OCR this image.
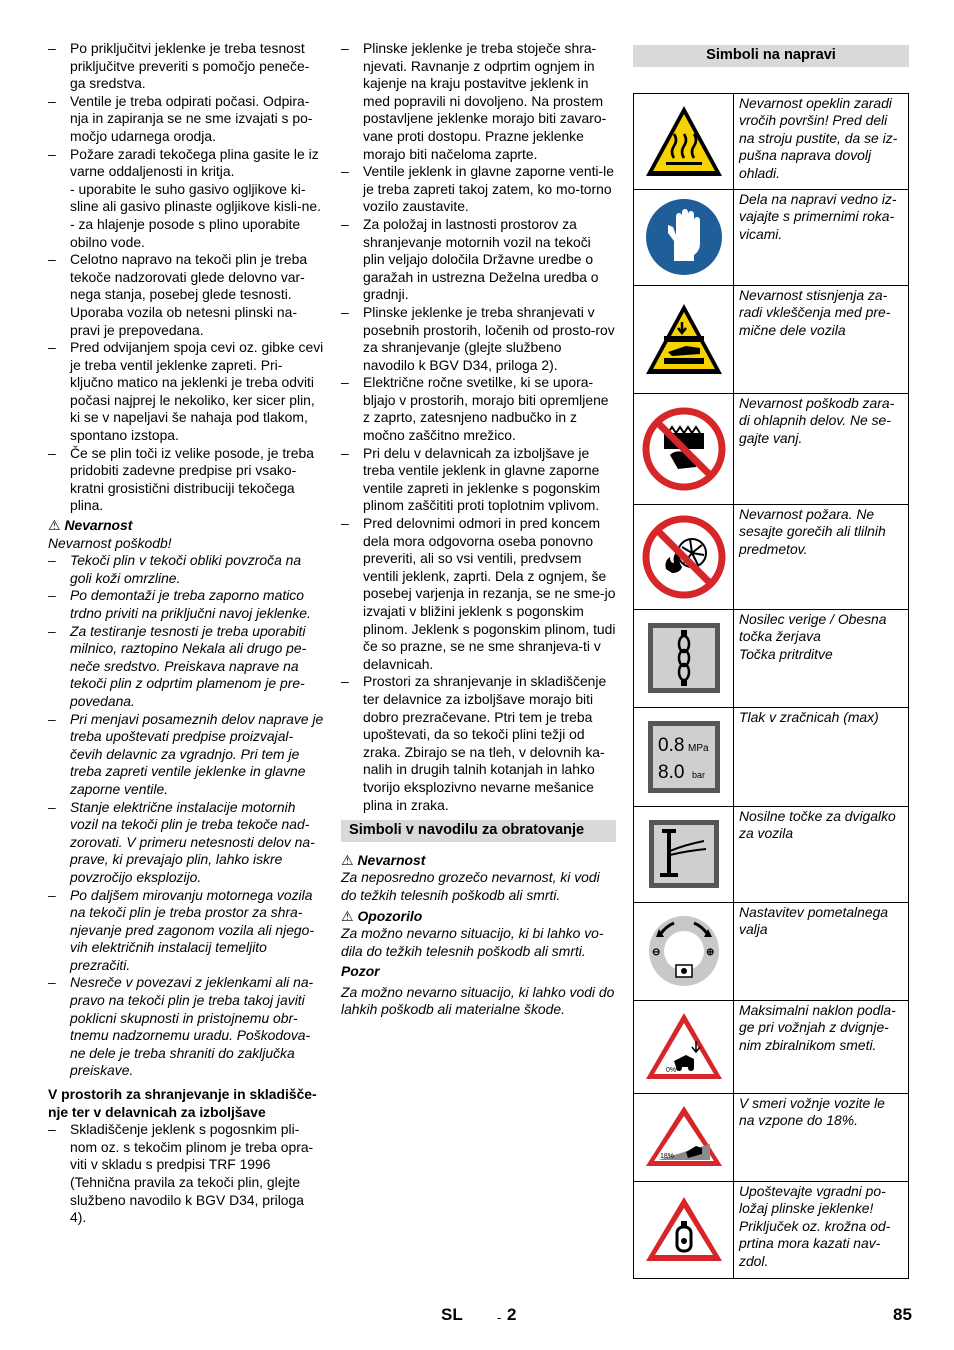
– Po priključitvi jeklenke je treba tesnost priključitve preveriti s pomočjo peneče-ga sredstva.
– Ventile je treba odpirati počasi. Odpira-nja in zapiranja se ne sme izvajati s po-močjo udarnega orodja.
– Požare zaradi tekočega plina gasite le iz varne oddaljenosti in kritja.
- uporabite le suho gasivo ogljikove ki-sline ali gasivo plinaste ogljikove kisli-ne.
- za hlajenje posode s plino uporabite obilno vode.
– Celotno napravo na tekoči plin je treba tekoče nadzorovati glede delovno var-nega stanja, posebej glede tesnosti. Uporaba vozila ob netesni plinski na-pravi je prepovedana.
– Pred odvijanjem spoja cevi oz. gibke cevi je treba ventil jeklenke zapreti. Pri-ključno matico na jeklenki je treba odviti počasi najprej le nekoliko, ker sicer plin, ki se v napeljavi še nahaja pod tlakom, spontano izstopa.
– Če se plin toči iz velike posode, je treba pridobiti zadevne predpise pri vsako-kratni grosistični distribuciji tekočega plina.
⚠ Nevarnost

Nevarnost poškodb!

– Tekoči plin v tekoči obliki povzroča na goli koži omrzline.
– Po demontaži je treba zaporno matico trdno priviti na priključni navoj jeklenke.
– Za testiranje tesnosti je treba uporabiti milnico, raztopino Nekala ali drugo pe-neče sredstvo. Preiskava naprave na tekoči plin z odprtim plamenom je pre-povedana.
– Pri menjavi posameznih delov naprave je treba upoštevati predpise proizvajal-čevih delavnic za vgradnjo. Pri tem je treba zapreti ventile jeklenke in glavne zaporne ventile.
– Stanje električne instalacije motornih vozil na tekoči plin je treba tekoče nad-zorovati. V primeru netesnosti delov na-prave, ki prevajajo plin, lahko iskre povzročijo eksplozijo.
– Po daljšem mirovanju motornega vozila na tekoči plin je treba prostor za shra-njevanje pred zagonom vozila ali njego-vih električnih instalacij temeljito prezračiti.
– Nesreče v povezavi z jeklenkami ali na-pravo na tekoči plin je treba takoj javiti poklicni skupnosti in pristojnemu obr-tnemu nadzornemu uradu. Poškodova-ne dele je treba shraniti do zaključka preiskave.

V prostorih za shranjevanje in skladišče-nje ter v delavnicah za izboljšave

– Skladiščenje jeklenk s pogosnkim pli-nom oz. s tekočim plinom je treba opra-viti v skladu s predpisi TRF 1996 (Tehnična pravila za tekoči plin, glejte službeno navodilo k BGV D34, priloga 4).
– Plinske jeklenke je treba stoječe shra-njevati. Ravnanje z odprtim ognjem in kajenje na kraju postavitve jeklenk in med popravili ni dovoljeno. Na prostem postavljene jeklenke morajo biti zavaro-vane proti dostopu. Prazne jeklenke morajo biti načeloma zaprte.
– Ventile jeklenk in glavne zaporne venti-le je treba zapreti takoj zatem, ko mo-torno vozilo zaustavite.
– Za položaj in lastnosti prostorov za shranjevanje motornih vozil na tekoči plin veljajo določila Državne uredbe o garažah in ustrezna Deželna uredba o gradnji.
– Plinske jeklenke je treba shranjevati v posebnih prostorih, ločenih od prosto-rov za shranjevanje (glejte službeno navodilo k BGV D34, priloga 2).
– Električne ročne svetilke, ki se upora-bljajo v prostorih, morajo biti opremljene z zaprto, zatesnjeno nadbučko in z močno zaščitno mrežico.
– Pri delu v delavnicah za izboljšave je treba ventile jeklenk in glavne zaporne ventile zapreti in jeklenke s pogonskim plinom zaščititi proti toplotnim vplivom.
– Pred delovnimi odmori in pred koncem dela mora odgovorna oseba ponovno preveriti, ali so vsi ventili, predvsem ventili jeklenk, zaprti. Dela z ognjem, še posebej varjenja in rezanja, se ne sme-jo izvajati v bližini jeklenk s pogonskim plinom. Jeklenk s pogonskim plinom, tudi če so prazne, se ne sme shranjeva-ti v delavnicah.
– Prostori za shranjevanje in skladiščenje ter delavnice za izboljšave morajo biti dobro prezračevane. Ptri tem je treba upoštevati, da so tekoči plini težji od zraka. Zbirajo se na tleh, v delovnih ka-nalih in drugih talnih kotanjah in lahko tvorijo eksplozivno nevarne mešanice plina in zraka.
Simboli v navodilu za obratovanje
⚠ Nevarnost

Za neposredno grozečo nevarnost, ki vodi do težkih telesnih poškodb ali smrti.

⚠ Opozorilo

Za možno nevarno situacijo, ki bi lahko vo-dila do težkih telesnih poškodb ali smrti.

Pozor

Za možno nevarno situacijo, ki lahko vodi do lahkih poškodb ali materialne škode.

Simboli na napravi
	Nevarnost opeklin zaradi vročih površin! Pred deli na stroju pustite, da se iz-pušna naprava dovolj ohladi.

	Dela na napravi vedno iz-vajajte s primernimi roka-vicami.

	Nevarnost stisnjenja za-radi vkleščenja med pre-mične dele vozila

	Nevarnost poškodb zara-di ohlapnih delov. Ne se-gajte vanj.

	Nevarnost požara. Ne sesajte gorečih ali tlilnih predmetov.

	Nosilec verige / Obesna točka žerjava
Točka pritrditve

0.8 MPa
8.0 bar	Tlak v zračnicah (max)

	Nosilne točke za dvigalko za vozila

⊖ ⊕	Nastavitev pometalnega valja

0%	Maksimalni naklon podla-ge pri vožnjah z dvignje-nim zbiralnikom smeti.

18%	V smeri vožnje vozite le na vzpone do 18%.

	Upoštevajte vgradni po-ložaj plinske jeklenke! Priključek oz. krožna od-prtina mora kazati nav-zdol.
SL	- 2	85
